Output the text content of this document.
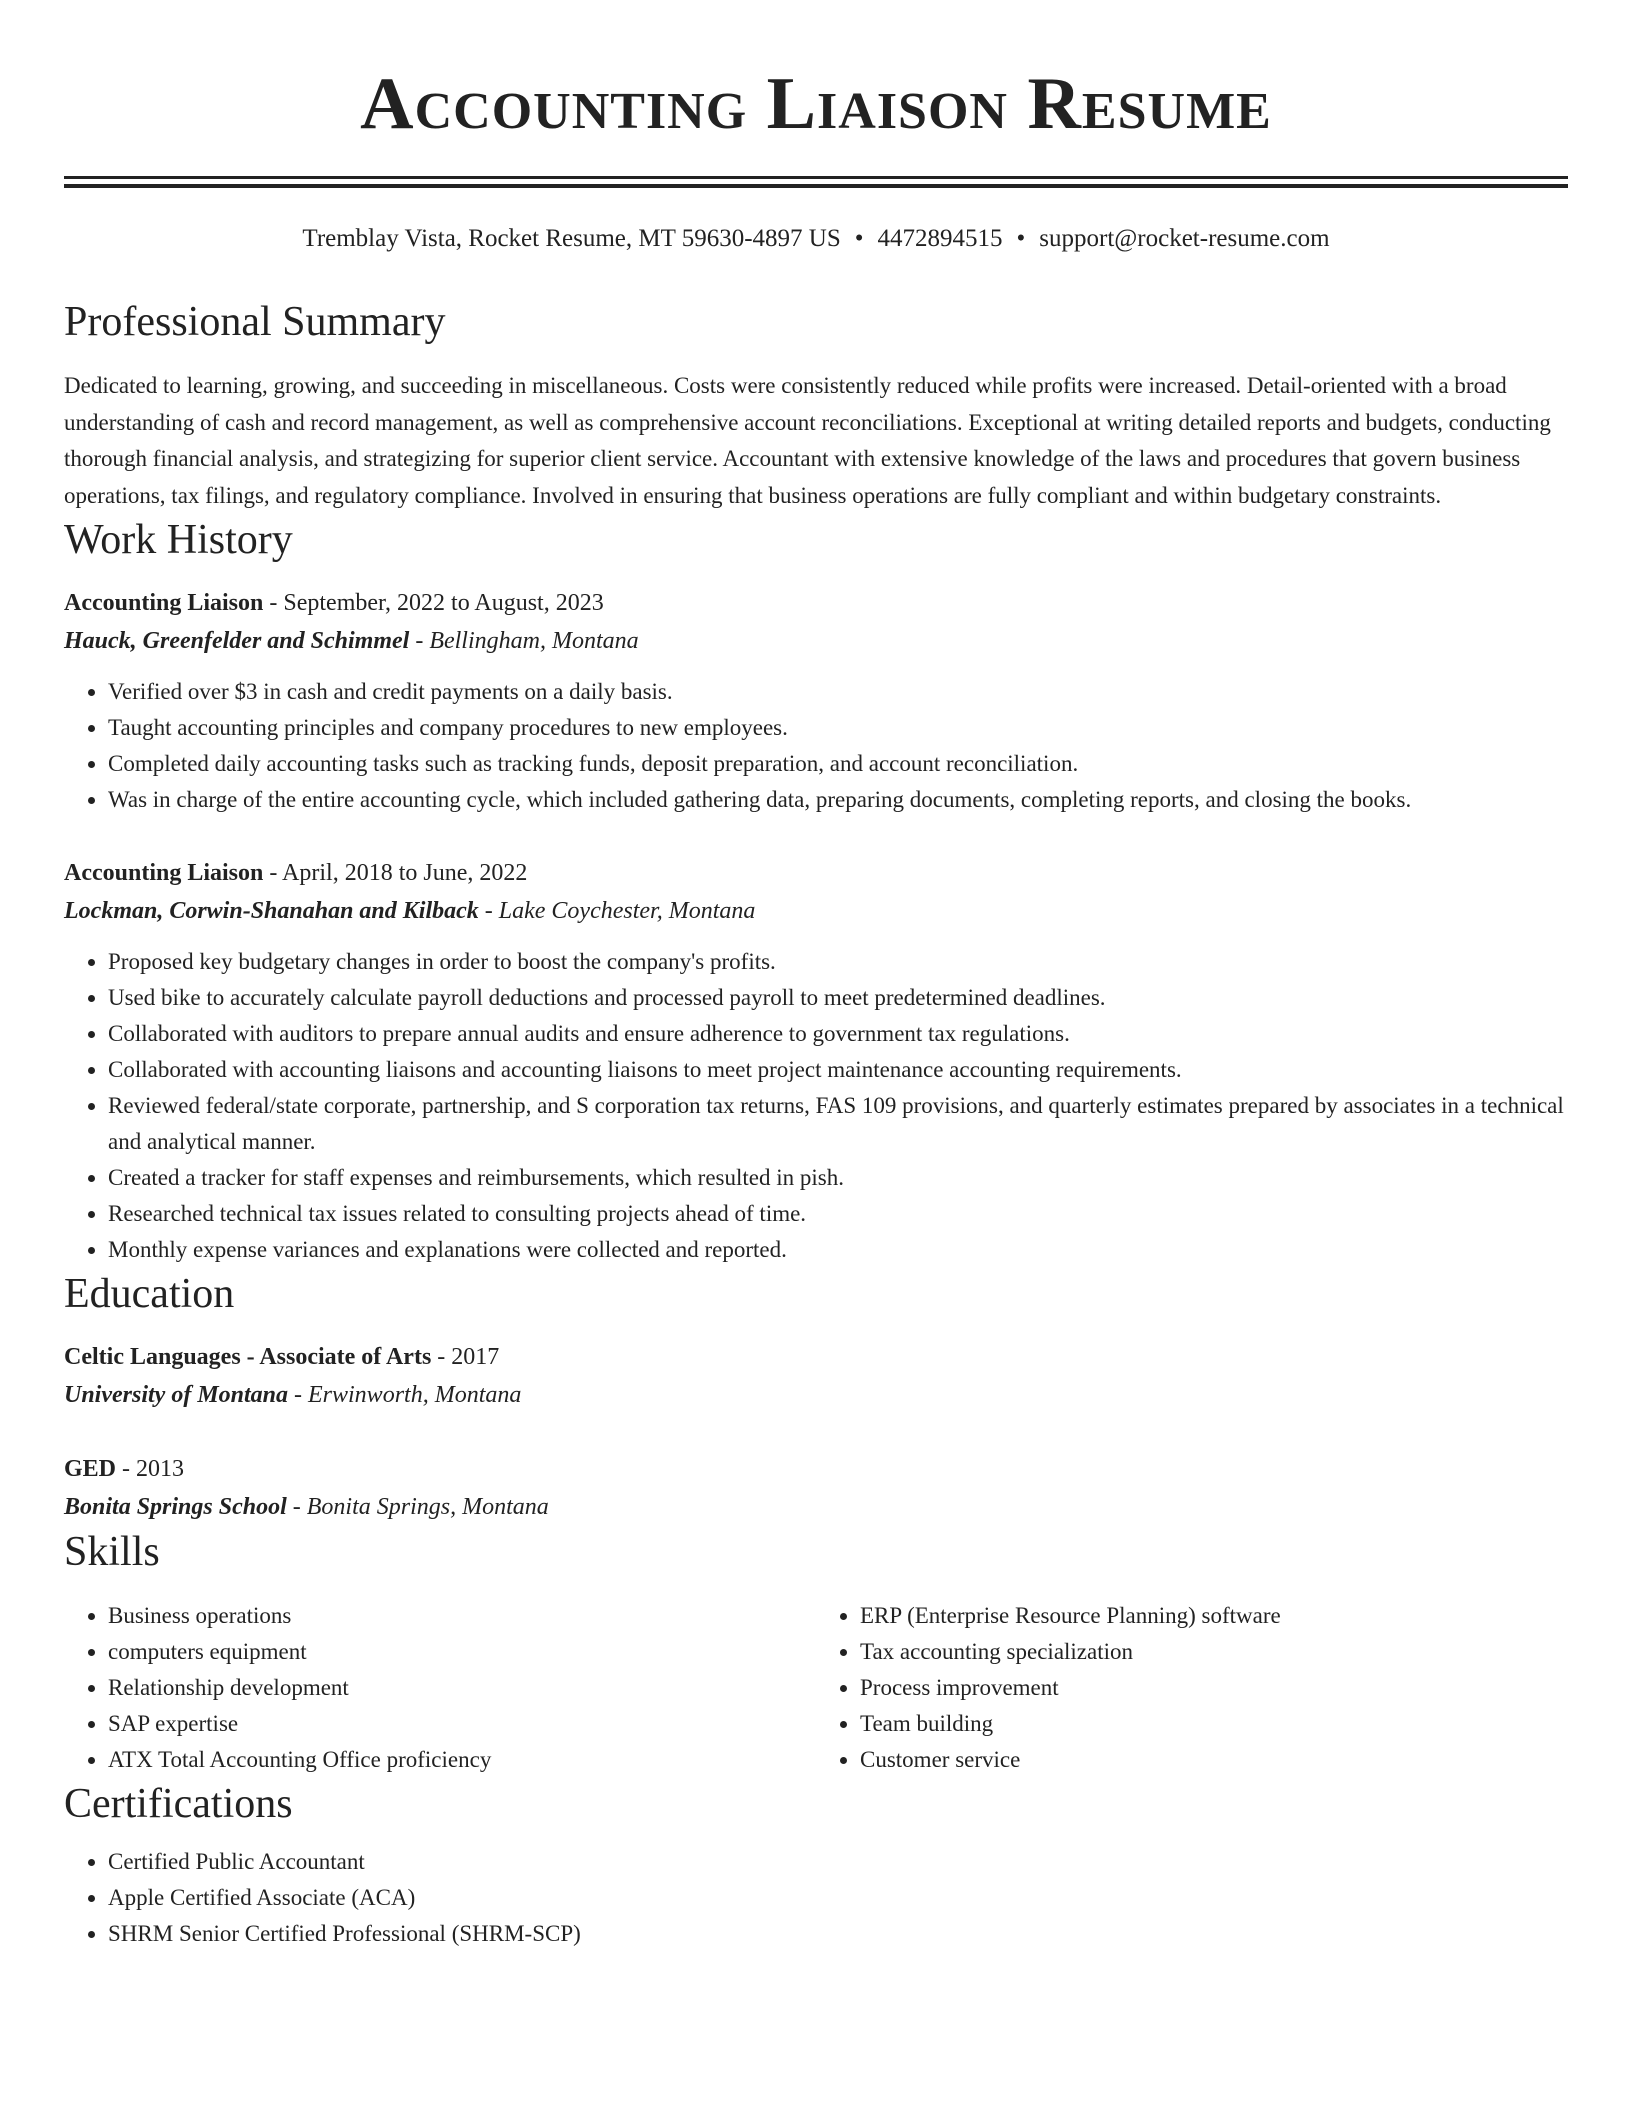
Accounting Liaison Resume
Tremblay Vista, Rocket Resume, MT 59630-4897 US • 4472894515 • support@rocket-resume.com
Professional Summary
Dedicated to learning, growing, and succeeding in miscellaneous. Costs were consistently reduced while profits were increased. Detail-oriented with a broad understanding of cash and record management, as well as comprehensive account reconciliations. Exceptional at writing detailed reports and budgets, conducting thorough financial analysis, and strategizing for superior client service. Accountant with extensive knowledge of the laws and procedures that govern business operations, tax filings, and regulatory compliance. Involved in ensuring that business operations are fully compliant and within budgetary constraints.
Work History
Accounting Liaison - September, 2022 to August, 2023
Hauck, Greenfelder and Schimmel - Bellingham, Montana
• Verified over $3 in cash and credit payments on a daily basis.
• Taught accounting principles and company procedures to new employees.
• Completed daily accounting tasks such as tracking funds, deposit preparation, and account reconciliation.
• Was in charge of the entire accounting cycle, which included gathering data, preparing documents, completing reports, and closing the books.
Accounting Liaison - April, 2018 to June, 2022
Lockman, Corwin-Shanahan and Kilback - Lake Coychester, Montana
• Proposed key budgetary changes in order to boost the company's profits.
• Used bike to accurately calculate payroll deductions and processed payroll to meet predetermined deadlines.
• Collaborated with auditors to prepare annual audits and ensure adherence to government tax regulations.
• Collaborated with accounting liaisons and accounting liaisons to meet project maintenance accounting requirements.
• Reviewed federal/state corporate, partnership, and S corporation tax returns, FAS 109 provisions, and quarterly estimates prepared by associates in a technical and analytical manner.
• Created a tracker for staff expenses and reimbursements, which resulted in pish.
• Researched technical tax issues related to consulting projects ahead of time.
• Monthly expense variances and explanations were collected and reported.
Education
Celtic Languages - Associate of Arts - 2017
University of Montana - Erwinworth, Montana
GED - 2013
Bonita Springs School - Bonita Springs, Montana
Skills
• Business operations
• computers equipment
• Relationship development
• SAP expertise
• ATX Total Accounting Office proficiency
• ERP (Enterprise Resource Planning) software
• Tax accounting specialization
• Process improvement
• Team building
• Customer service
Certifications
• Certified Public Accountant
• Apple Certified Associate (ACA)
• SHRM Senior Certified Professional (SHRM-SCP)
